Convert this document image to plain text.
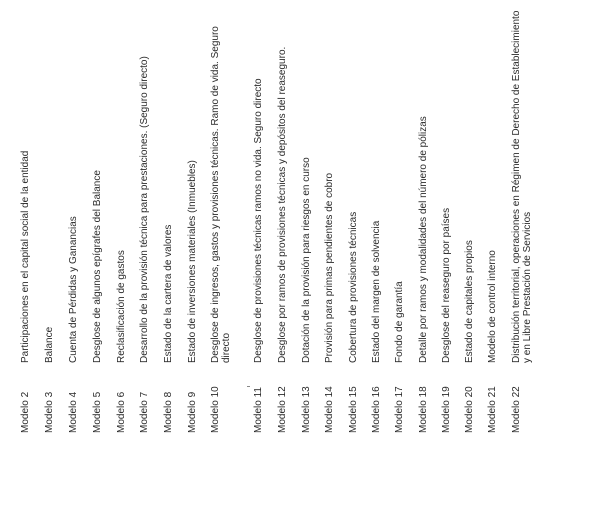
Modelo 2
Participaciones en el capital social de la entidad
Modelo 3
Balance
Modelo 4
Cuenta de Pérdidas y Ganancias
Modelo 5
Desglose de algunos epígrafes del Balance
Modelo 6
Reclasificación de gastos
Modelo 7
Desarrollo de la provisión técnica para prestaciones. (Seguro directo)
Modelo 8
Estado de la cartera de valores
Modelo 9
Estado de inversiones materiales (Inmuebles)
Modelo 10
Desglose de ingresos, gastos y provisiones técnicas. Ramo de vida. Seguro directo
Modelo 11
Desglose de provisiones técnicas ramos no vida. Seguro directo
Modelo 12
Desglose por ramos de provisiones técnicas y depósitos del reaseguro.
Modelo 13
Dotación de la provisión para riesgos en curso
Modelo 14
Provisión para primas pendientes de cobro
Modelo 15
Cobertura de provisiones técnicas
Modelo 16
Estado del margen de solvencia
Modelo 17
Fondo de garantía
Modelo 18
Detalle por ramos y modalidades del número de pólizas
Modelo 19
Desglose del reaseguro por países
Modelo 20
Estado de capitales propios
Modelo 21
Modelo de control interno
Modelo 22
Distribución territorial, operaciones en Régimen de Derecho de Establecimiento y en Libre Prestación de Servicios
